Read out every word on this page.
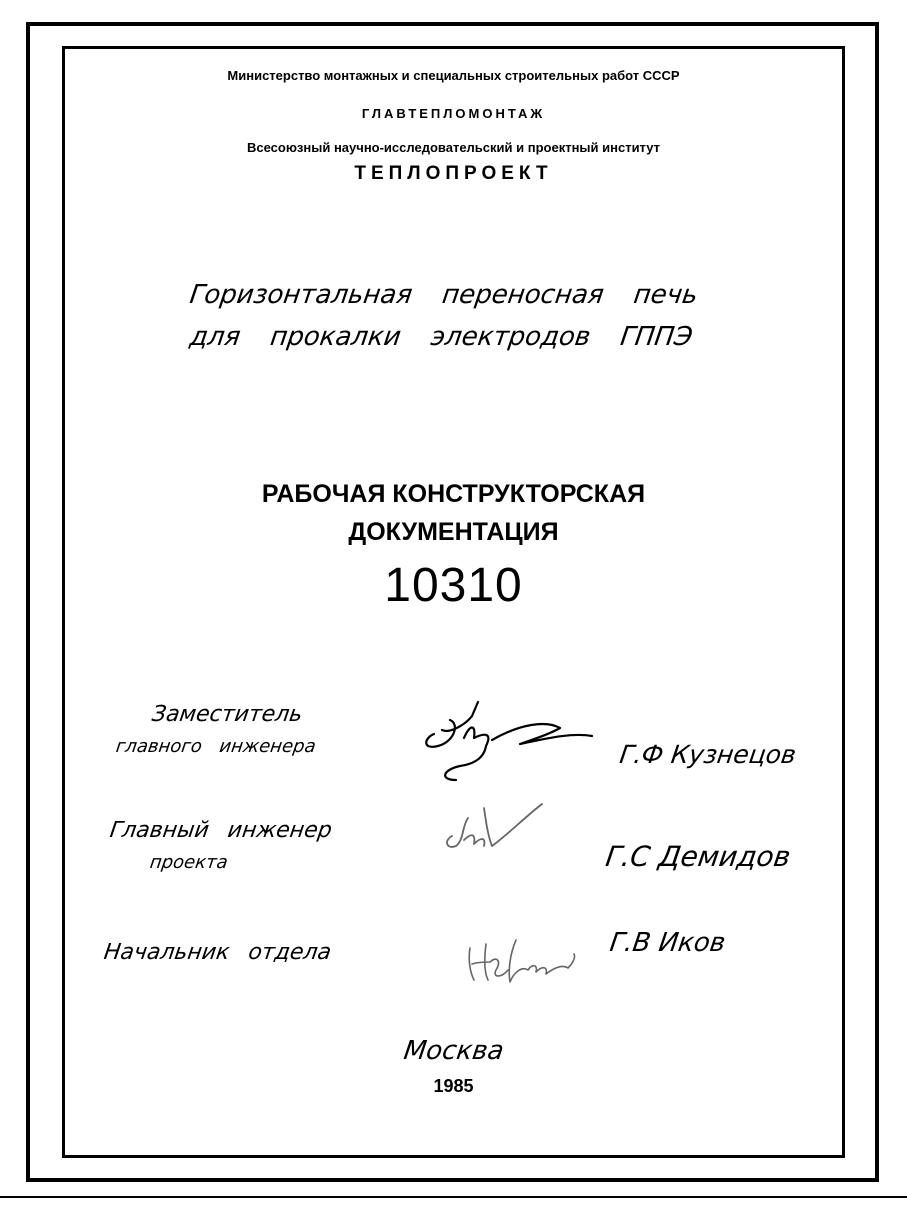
Министерство монтажных и специальных строительных работ СССР
ГЛАВТЕПЛОМОНТАЖ
Всесоюзный научно-исследовательский и проектный институт
ТЕПЛОПРОЕКТ
Горизонтальная переносная печь
для прокалки электродов ГППЭ
РАБОЧАЯ КОНСТРУКТОРСКАЯ
ДОКУМЕНТАЦИЯ
10310
Заместитель
главного инженера	Г.Ф Кузнецов
Главный инженер
проекта	Г.С Демидов
Начальник отдела	Г.В Иков
Москва
1985
